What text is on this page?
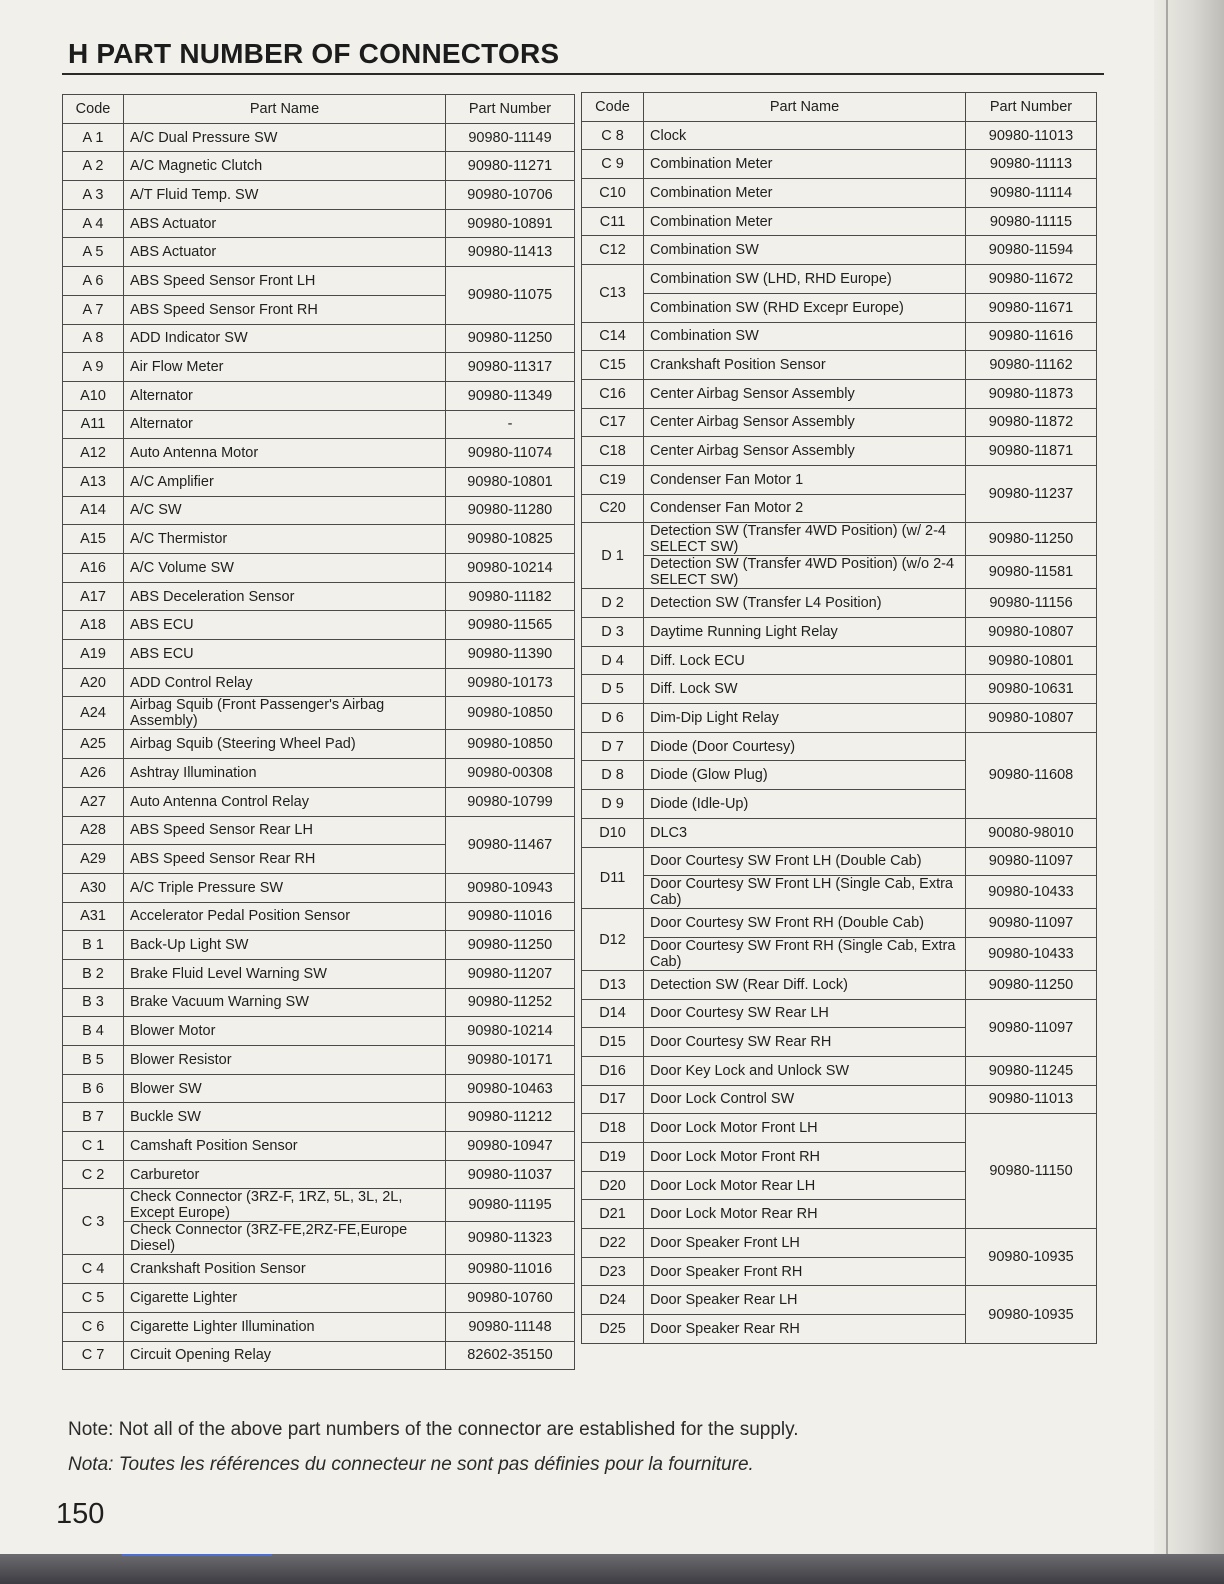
H PART NUMBER OF CONNECTORS
Code	Part Name	Part Number
A 1	A/C Dual Pressure SW	90980-11149
A 2	A/C Magnetic Clutch	90980-11271
A 3	A/T Fluid Temp. SW	90980-10706
A 4	ABS Actuator	90980-10891
A 5	ABS Actuator	90980-11413
A 6	ABS Speed Sensor Front LH	90980-11075
A 7	ABS Speed Sensor Front RH	
A 8	ADD Indicator SW	90980-11250
A 9	Air Flow Meter	90980-11317
A10	Alternator	90980-11349
A11	Alternator	-
A12	Auto Antenna Motor	90980-11074
A13	A/C Amplifier	90980-10801
A14	A/C SW	90980-11280
A15	A/C Thermistor	90980-10825
A16	A/C Volume SW	90980-10214
A17	ABS Deceleration Sensor	90980-11182
A18	ABS ECU	90980-11565
A19	ABS ECU	90980-11390
A20	ADD Control Relay	90980-10173
A24	Airbag Squib (Front Passenger's Airbag Assembly)	90980-10850
A25	Airbag Squib (Steering Wheel Pad)	90980-10850
A26	Ashtray Illumination	90980-00308
A27	Auto Antenna Control Relay	90980-10799
A28	ABS Speed Sensor Rear LH	90980-11467
A29	ABS Speed Sensor Rear RH	
A30	A/C Triple Pressure SW	90980-10943
A31	Accelerator Pedal Position Sensor	90980-11016
B 1	Back-Up Light SW	90980-11250
B 2	Brake Fluid Level Warning SW	90980-11207
B 3	Brake Vacuum Warning SW	90980-11252
B 4	Blower Motor	90980-10214
B 5	Blower Resistor	90980-10171
B 6	Blower SW	90980-10463
B 7	Buckle SW	90980-11212
C 1	Camshaft Position Sensor	90980-10947
C 2	Carburetor	90980-11037
C 3	Check Connector (3RZ-F, 1RZ, 5L, 3L, 2L, Except Europe)	90980-11195
	Check Connector (3RZ-FE,2RZ-FE,Europe Diesel)	90980-11323
C 4	Crankshaft Position Sensor	90980-11016
C 5	Cigarette Lighter	90980-10760
C 6	Cigarette Lighter Illumination	90980-11148
C 7	Circuit Opening Relay	82602-35150
Code	Part Name	Part Number
C 8	Clock	90980-11013
C 9	Combination Meter	90980-11113
C10	Combination Meter	90980-11114
C11	Combination Meter	90980-11115
C12	Combination SW	90980-11594
C13	Combination SW (LHD, RHD Europe)	90980-11672
	Combination SW (RHD Excepr Europe)	90980-11671
C14	Combination SW	90980-11616
C15	Crankshaft Position Sensor	90980-11162
C16	Center Airbag Sensor Assembly	90980-11873
C17	Center Airbag Sensor Assembly	90980-11872
C18	Center Airbag Sensor Assembly	90980-11871
C19	Condenser Fan Motor 1	90980-11237
C20	Condenser Fan Motor 2	
D 1	Detection SW (Transfer 4WD Position) (w/ 2-4 SELECT SW)	90980-11250
	Detection SW (Transfer 4WD Position) (w/o 2-4 SELECT SW)	90980-11581
D 2	Detection SW (Transfer L4 Position)	90980-11156
D 3	Daytime Running Light Relay	90980-10807
D 4	Diff. Lock ECU	90980-10801
D 5	Diff. Lock SW	90980-10631
D 6	Dim-Dip Light Relay	90980-10807
D 7	Diode (Door Courtesy)	90980-11608
D 8	Diode (Glow Plug)	
D 9	Diode (Idle-Up)	
D10	DLC3	90080-98010
D11	Door Courtesy SW Front LH (Double Cab)	90980-11097
	Door Courtesy SW Front LH (Single Cab, Extra Cab)	90980-10433
D12	Door Courtesy SW Front RH (Double Cab)	90980-11097
	Door Courtesy SW Front RH (Single Cab, Extra Cab)	90980-10433
D13	Detection SW (Rear Diff. Lock)	90980-11250
D14	Door Courtesy SW Rear LH	90980-11097
D15	Door Courtesy SW Rear RH	
D16	Door Key Lock and Unlock SW	90980-11245
D17	Door Lock Control SW	90980-11013
D18	Door Lock Motor Front LH	90980-11150
D19	Door Lock Motor Front RH	
D20	Door Lock Motor Rear LH	
D21	Door Lock Motor Rear RH	
D22	Door Speaker Front LH	90980-10935
D23	Door Speaker Front RH	
D24	Door Speaker Rear LH	90980-10935
D25	Door Speaker Rear RH	
Note: Not all of the above part numbers of the connector are established for the supply.
Nota: Toutes les références du connecteur ne sont pas définies pour la fourniture.
150
